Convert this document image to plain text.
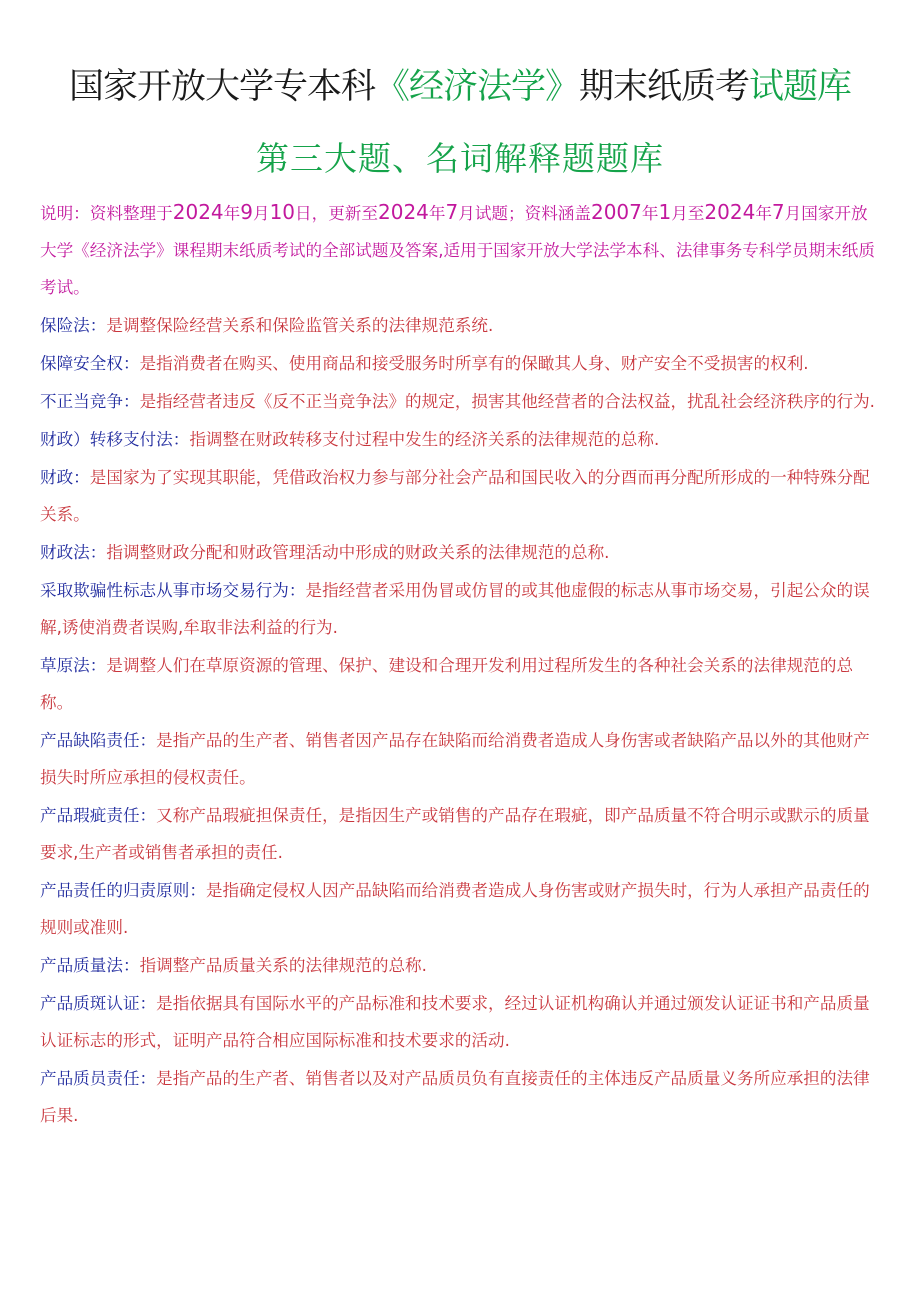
国家开放大学专本科《经济法学》期末纸质考试题库
第三大题、名词解释题题库

说明：资料整理于2024年9月10日，更新至2024年7月试题；资料涵盖2007年1月至2024年7月国家开放大学《经济法学》课程期末纸质考试的全部试题及答案,适用于国家开放大学法学本科、法律事务专科学员期末纸质考试。

保险法：是调整保险经营关系和保险监管关系的法律规范系统.

保障安全权：是指消费者在购买、使用商品和接受服务时所享有的保瞰其人身、财产安全不受损害的权利.

不正当竞争：是指经营者违反《反不正当竞争法》的规定，损害其他经营者的合法权益，扰乱社会经济秩序的行为.

财政）转移支付法：指调整在财政转移支付过程中发生的经济关系的法律规范的总称.

财政：是国家为了实现其职能，凭借政治权力参与部分社会产品和国民收入的分酉而再分配所形成的一种特殊分配关系。

财政法：指调整财政分配和财政管理活动中形成的财政关系的法律规范的总称.

采取欺骗性标志从事市场交易行为：是指经营者采用伪冒或仿冒的或其他虚假的标志从事市场交易，引起公众的误解,诱使消费者误购,牟取非法利益的行为.

草原法：是调整人们在草原资源的管理、保护、建设和合理开发利用过程所发生的各种社会关系的法律规范的总称。

产品缺陷责任：是指产品的生产者、销售者因产品存在缺陷而给消费者造成人身伤害或者缺陷产品以外的其他财产损失时所应承担的侵权责任。

产品瑕疵责任：又称产品瑕疵担保责任，是指因生产或销售的产品存在瑕疵，即产品质量不符合明示或默示的质量要求,生产者或销售者承担的责任.

产品责任的归责原则：是指确定侵权人因产品缺陷而给消费者造成人身伤害或财产损失时，行为人承担产品责任的规则或准则.

产品质量法：指调整产品质量关系的法律规范的总称.

产品质斑认证：是指依据具有国际水平的产品标准和技术要求，经过认证机构确认并通过颁发认证证书和产品质量认证标志的形式，证明产品符合相应国际标准和技术要求的活动.

产品质员责任：是指产品的生产者、销售者以及对产品质员负有直接责任的主体违反产品质量义务所应承担的法律后果.
